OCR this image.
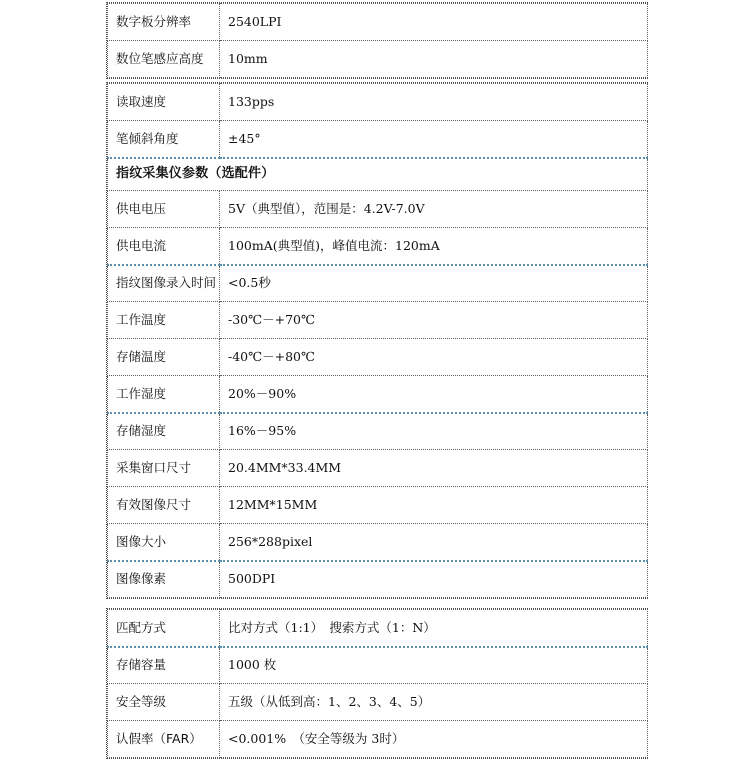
数字板分辨率	2540LPI
数位笔感应高度	10mm
读取速度	133pps
笔倾斜角度	±45°
指纹采集仪参数（选配件）	
供电电压	5V（典型值），范围是：4.2V-7.0V
供电电流	100mA(典型值)，峰值电流：120mA
指纹图像录入时间	<0.5秒
工作温度	-30℃－+70℃
存储温度	-40℃－+80℃
工作湿度	20%－90%
存储湿度	16%－95%
采集窗口尺寸	20.4MM*33.4MM
有效图像尺寸	12MM*15MM
图像大小	256*288pixel
图像像素	500DPI
匹配方式	比对方式（1:1）　搜索方式（1：N）
存储容量	1000 枚
安全等级	五级（从低到高：1、2、3、4、5）
认假率（FAR）	<0.001%　（安全等级为 3时）
